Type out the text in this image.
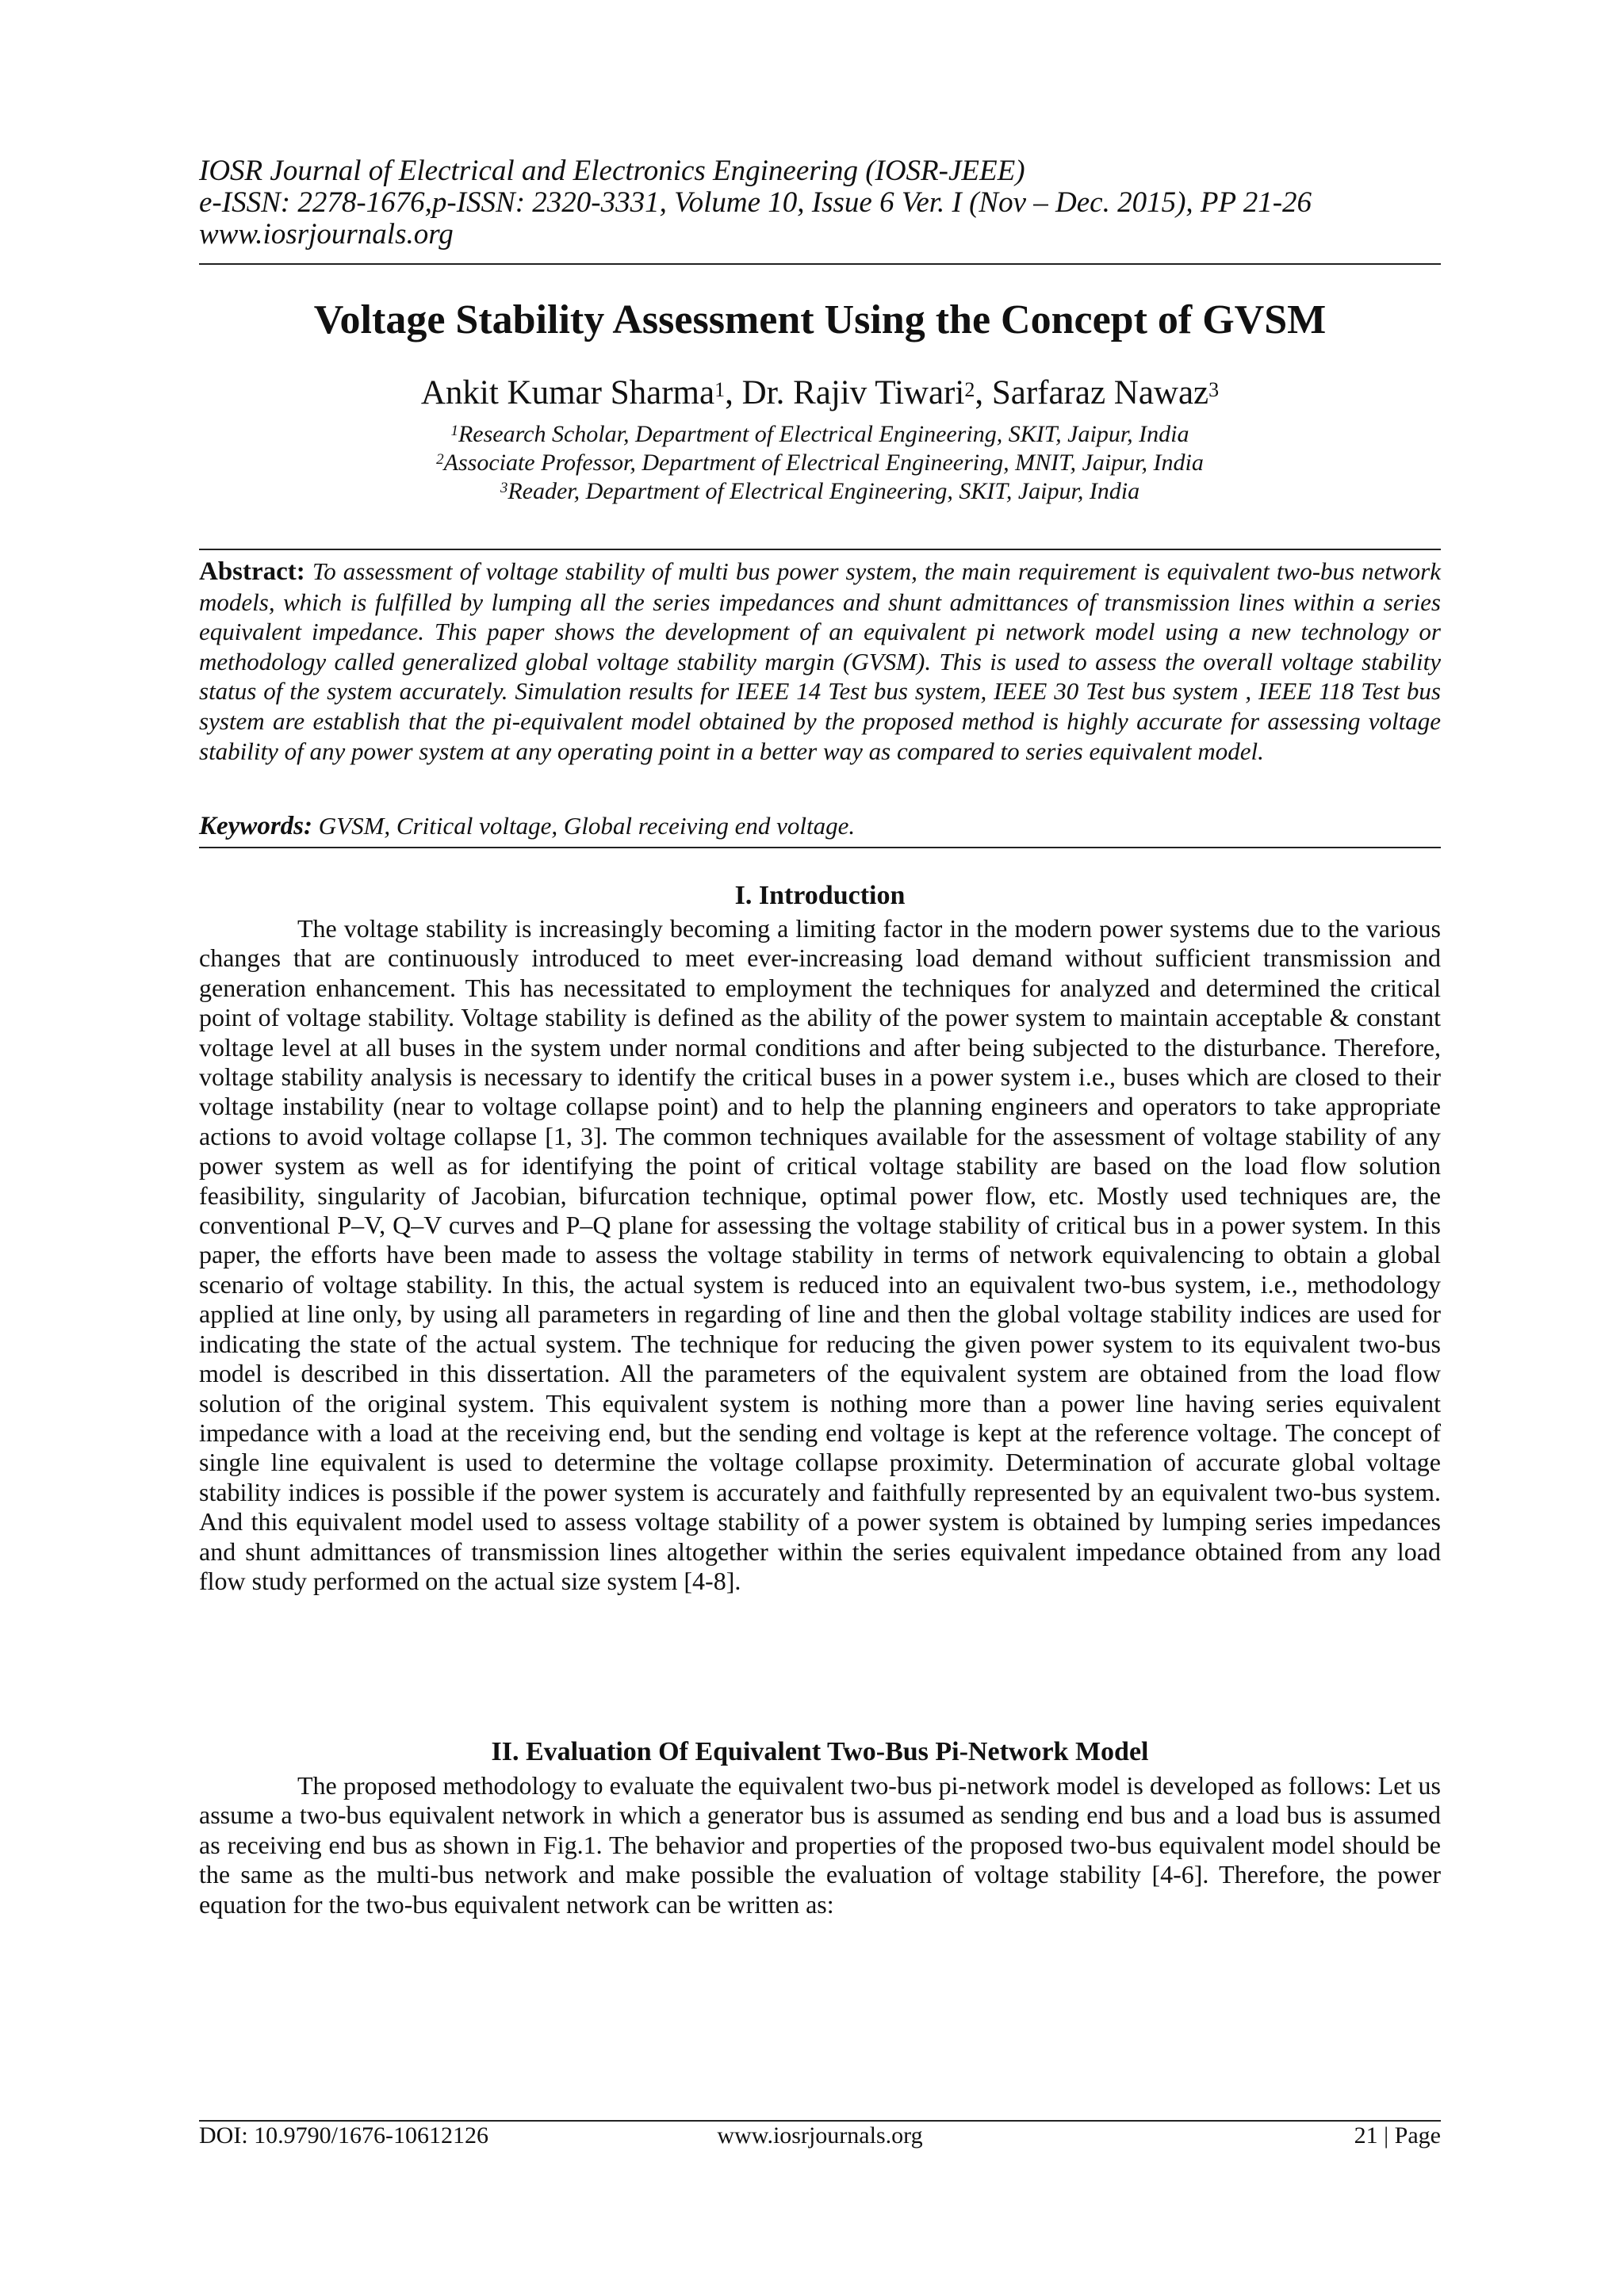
IOSR Journal of Electrical and Electronics Engineering (IOSR-JEEE)
e-ISSN: 2278-1676,p-ISSN: 2320-3331, Volume 10, Issue 6 Ver. I (Nov – Dec. 2015), PP 21-26
www.iosrjournals.org
Voltage Stability Assessment Using the Concept of GVSM
Ankit Kumar Sharma$^1$, Dr. Rajiv Tiwari$^2$, Sarfaraz Nawaz$^3$
$^1$Research Scholar, Department of Electrical Engineering, SKIT, Jaipur, India
$^2$Associate Professor, Department of Electrical Engineering, MNIT, Jaipur, India
$^3$Reader, Department of Electrical Engineering, SKIT, Jaipur, India
Abstract: To assessment of voltage stability of multi bus power system, the main requirement is equivalent two-bus network models, which is fulfilled by lumping all the series impedances and shunt admittances of transmission lines within a series equivalent impedance. This paper shows the development of an equivalent pi network model using a new technology or methodology called generalized global voltage stability margin (GVSM). This is used to assess the overall voltage stability status of the system accurately. Simulation results for IEEE 14 Test bus system, IEEE 30 Test bus system , IEEE 118 Test bus system are establish that the pi-equivalent model obtained by the proposed method is highly accurate for assessing voltage stability of any power system at any operating point in a better way as compared to series equivalent model.
Keywords: GVSM, Critical voltage, Global receiving end voltage.
I. Introduction
The voltage stability is increasingly becoming a limiting factor in the modern power systems due to the various changes that are continuously introduced to meet ever-increasing load demand without sufficient transmission and generation enhancement. This has necessitated to employment the techniques for analyzed and determined the critical point of voltage stability. Voltage stability is defined as the ability of the power system to maintain acceptable & constant voltage level at all buses in the system under normal conditions and after being subjected to the disturbance. Therefore, voltage stability analysis is necessary to identify the critical buses in a power system i.e., buses which are closed to their voltage instability (near to voltage collapse point) and to help the planning engineers and operators to take appropriate actions to avoid voltage collapse [1, 3]. The common techniques available for the assessment of voltage stability of any power system as well as for identifying the point of critical voltage stability are based on the load flow solution feasibility, singularity of Jacobian, bifurcation technique, optimal power flow, etc. Mostly used techniques are, the conventional P–V, Q–V curves and P–Q plane for assessing the voltage stability of critical bus in a power system. In this paper, the efforts have been made to assess the voltage stability in terms of network equivalencing to obtain a global scenario of voltage stability. In this, the actual system is reduced into an equivalent two-bus system, i.e., methodology applied at line only, by using all parameters in regarding of line and then the global voltage stability indices are used for indicating the state of the actual system. The technique for reducing the given power system to its equivalent two-bus model is described in this dissertation. All the parameters of the equivalent system are obtained from the load flow solution of the original system. This equivalent system is nothing more than a power line having series equivalent impedance with a load at the receiving end, but the sending end voltage is kept at the reference voltage. The concept of single line equivalent is used to determine the voltage collapse proximity. Determination of accurate global voltage stability indices is possible if the power system is accurately and faithfully represented by an equivalent two-bus system. And this equivalent model used to assess voltage stability of a power system is obtained by lumping series impedances and shunt admittances of transmission lines altogether within the series equivalent impedance obtained from any load flow study performed on the actual size system [4-8].
II. Evaluation Of Equivalent Two-Bus Pi-Network Model
The proposed methodology to evaluate the equivalent two-bus pi-network model is developed as follows: Let us assume a two-bus equivalent network in which a generator bus is assumed as sending end bus and a load bus is assumed as receiving end bus as shown in Fig.1. The behavior and properties of the proposed two-bus equivalent model should be the same as the multi-bus network and make possible the evaluation of voltage stability [4-6]. Therefore, the power equation for the two-bus equivalent network can be written as:
DOI: 10.9790/1676-10612126	www.iosrjournals.org	21 | Page
